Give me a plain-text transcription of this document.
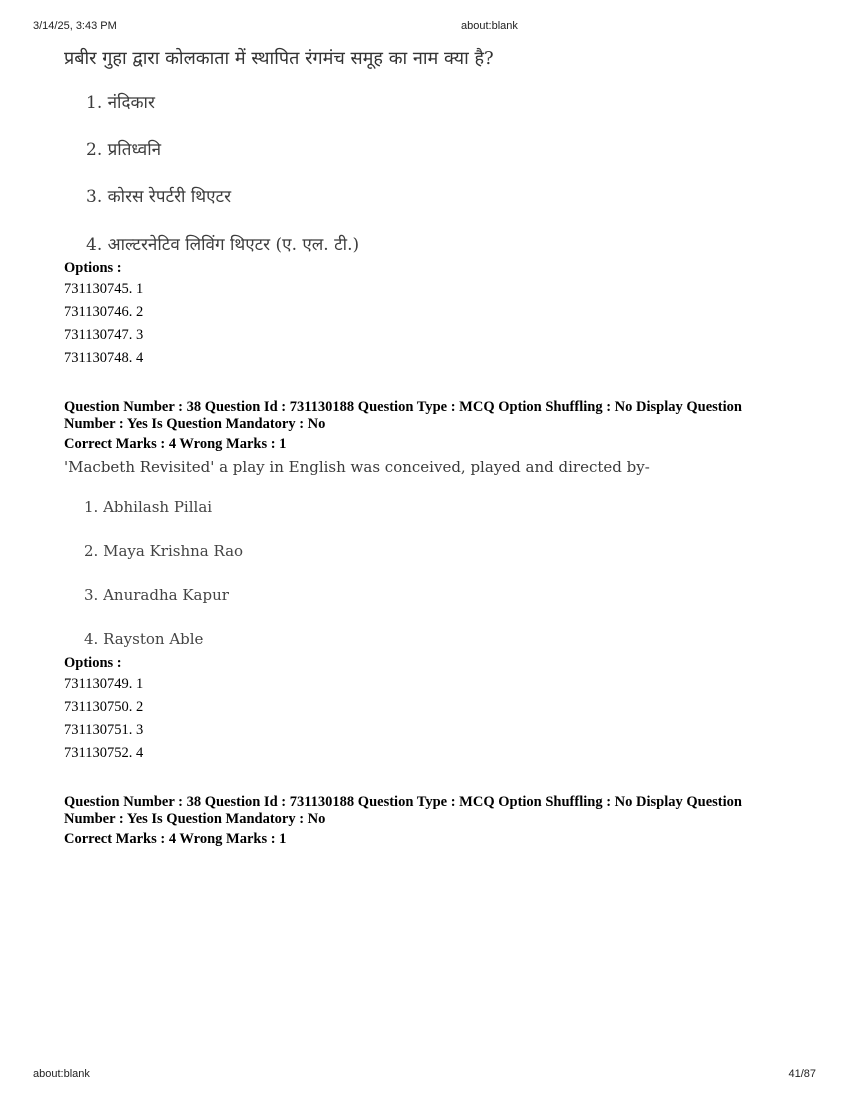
3/14/25, 3:43 PM	about:blank
प्रबीर गुहा द्वारा कोलकाता में स्थापित रंगमंच समूह का नाम क्या है?
1. नंदिकार
2. प्रतिध्वनि
3. कोरस रेपर्टरी थिएटर
4. आल्टरनेटिव लिविंग थिएटर (ए. एल. टी.)
Options :
731130745. 1
731130746. 2
731130747. 3
731130748. 4
Question Number : 38 Question Id : 731130188 Question Type : MCQ Option Shuffling : No Display Question
Number : Yes Is Question Mandatory : No
Correct Marks : 4 Wrong Marks : 1
'Macbeth Revisited' a play in English was conceived, played and directed by-
1. Abhilash Pillai
2. Maya Krishna Rao
3. Anuradha Kapur
4. Rayston Able
Options :
731130749. 1
731130750. 2
731130751. 3
731130752. 4
Question Number : 38 Question Id : 731130188 Question Type : MCQ Option Shuffling : No Display Question
Number : Yes Is Question Mandatory : No
Correct Marks : 4 Wrong Marks : 1
about:blank	41/87
